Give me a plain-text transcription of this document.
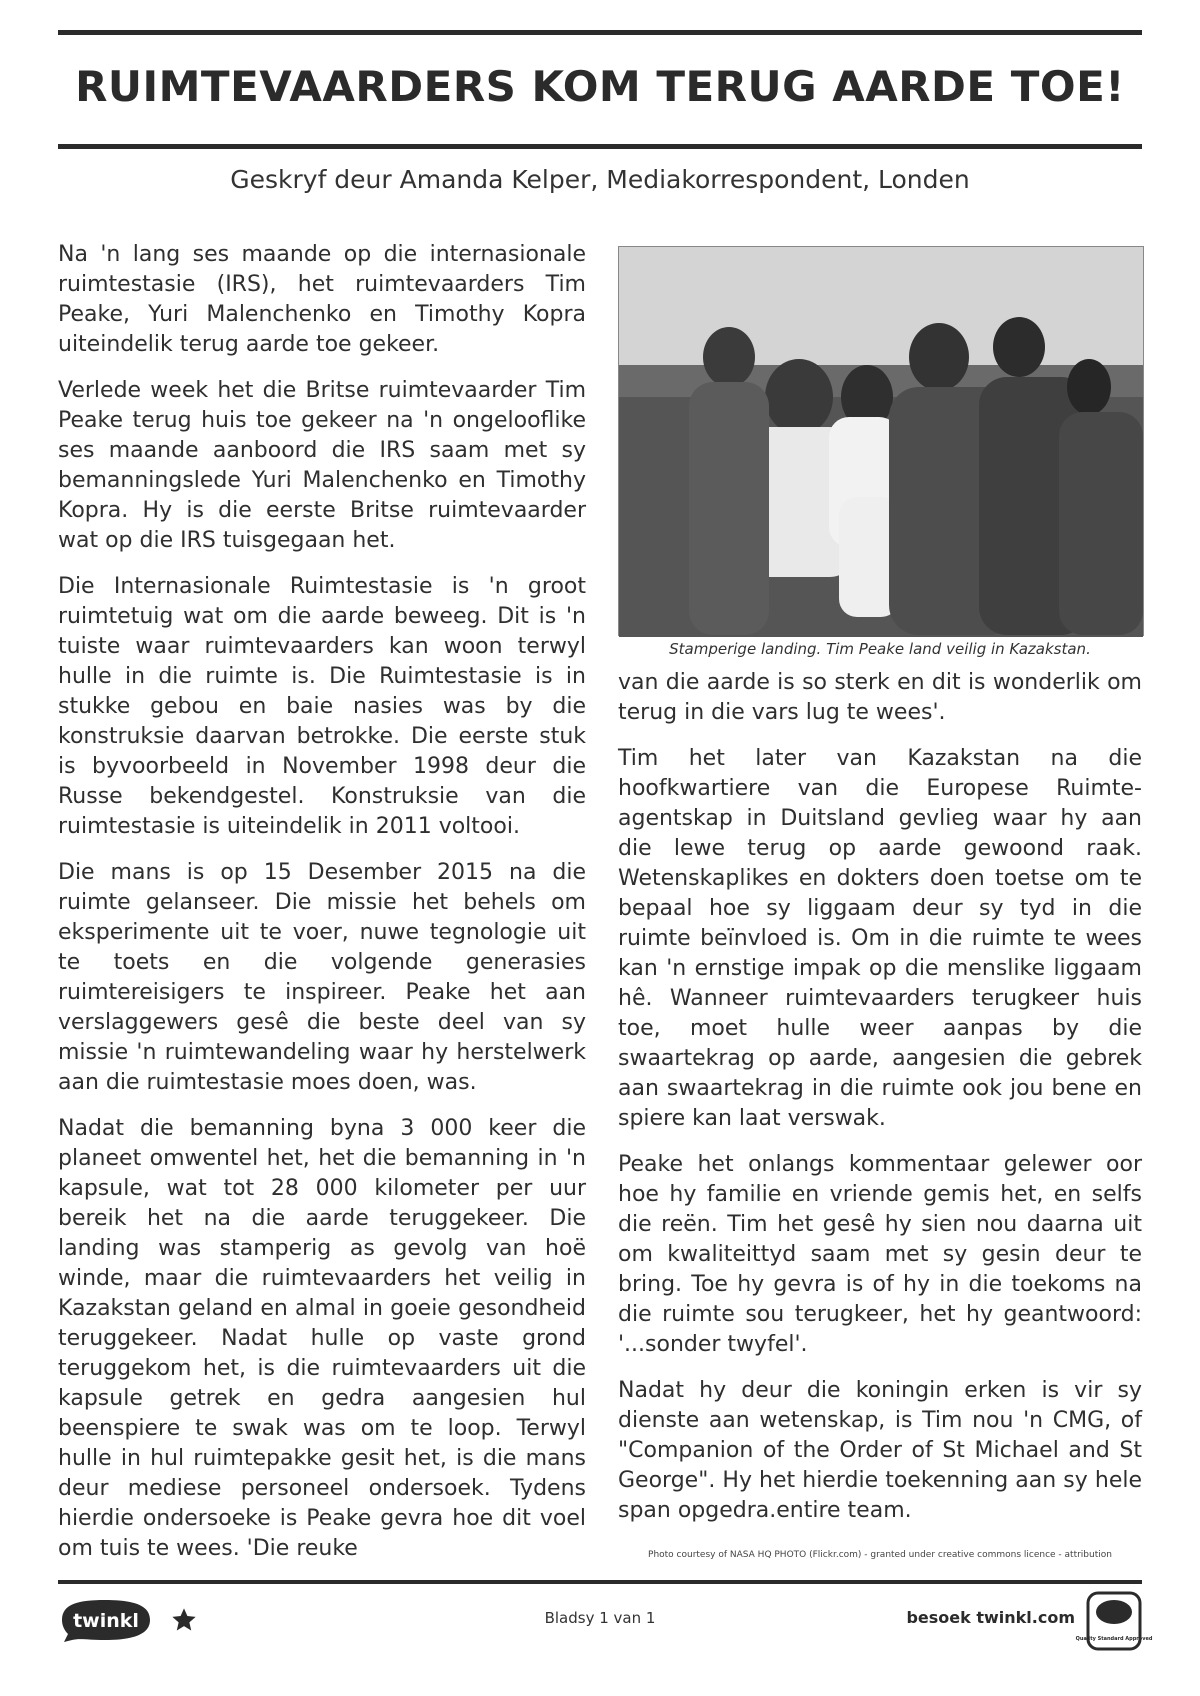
RUIMTEVAARDERS KOM TERUG AARDE TOE!
Geskryf deur Amanda Kelper, Mediakorrespondent, Londen

Na 'n lang ses maande op die internasionale ruimtestasie (IRS), het ruimtevaarders Tim Peake, Yuri Malenchenko en Timothy Kopra uiteindelik terug aarde toe gekeer.

Verlede week het die Britse ruimtevaarder Tim Peake terug huis toe gekeer na 'n ongelooflike ses maande aanboord die IRS saam met sy bemanningslede Yuri Malenchenko en Timothy Kopra. Hy is die eerste Britse ruimtevaarder wat op die IRS tuisgegaan het.

Die Internasionale Ruimtestasie is 'n groot ruimtetuig wat om die aarde beweeg. Dit is 'n tuiste waar ruimtevaarders kan woon terwyl hulle in die ruimte is. Die Ruimtestasie is in stukke gebou en baie nasies was by die konstruksie daarvan betrokke. Die eerste stuk is byvoorbeeld in November 1998 deur die Russe bekendgestel. Konstruksie van die ruimtestasie is uiteindelik in 2011 voltooi.

Die mans is op 15 Desember 2015 na die ruimte gelanseer. Die missie het behels om eksperimente uit te voer, nuwe tegnologie uit te toets en die volgende generasies ruimtereisigers te inspireer. Peake het aan verslaggewers gesê die beste deel van sy missie 'n ruimtewandeling waar hy herstelwerk aan die ruimtestasie moes doen, was.

Nadat die bemanning byna 3 000 keer die planeet omwentel het, het die bemanning in 'n kapsule, wat tot 28 000 kilometer per uur bereik het na die aarde teruggekeer. Die landing was stamperig as gevolg van hoë winde, maar die ruimtevaarders het veilig in Kazakstan geland en almal in goeie gesondheid teruggekeer. Nadat hulle op vaste grond teruggekom het, is die ruimtevaarders uit die kapsule getrek en gedra aangesien hul beenspiere te swak was om te loop. Terwyl hulle in hul ruimtepakke gesit het, is die mans deur mediese personeel ondersoek. Tydens hierdie ondersoeke is Peake gevra hoe dit voel om tuis te wees. 'Die reuke

Stamperige landing. Tim Peake land veilig in Kazakstan.

van die aarde is so sterk en dit is wonderlik om terug in die vars lug te wees'.

Tim het later van Kazakstan na die hoofkwartiere van die Europese Ruimte-agentskap in Duitsland gevlieg waar hy aan die lewe terug op aarde gewoond raak. Wetenskaplikes en dokters doen toetse om te bepaal hoe sy liggaam deur sy tyd in die ruimte beïnvloed is. Om in die ruimte te wees kan 'n ernstige impak op die menslike liggaam hê. Wanneer ruimtevaarders terugkeer huis toe, moet hulle weer aanpas by die swaartekrag op aarde, aangesien die gebrek aan swaartekrag in die ruimte ook jou bene en spiere kan laat verswak.

Peake het onlangs kommentaar gelewer oor hoe hy familie en vriende gemis het, en selfs die reën. Tim het gesê hy sien nou daarna uit om kwaliteittyd saam met sy gesin deur te bring. Toe hy gevra is of hy in die toekoms na die ruimte sou terugkeer, het hy geantwoord: '...sonder twyfel'.

Nadat hy deur die koningin erken is vir sy dienste aan wetenskap, is Tim nou 'n CMG, of "Companion of the Order of St Michael and St George". Hy het hierdie toekenning aan sy hele span opgedra.entire team.

Photo courtesy of NASA HQ PHOTO (Flickr.com) - granted under creative commons licence - attribution
twinkl	Bladsy 1 van 1	besoek twinkl.com
Quality Standard Approved
